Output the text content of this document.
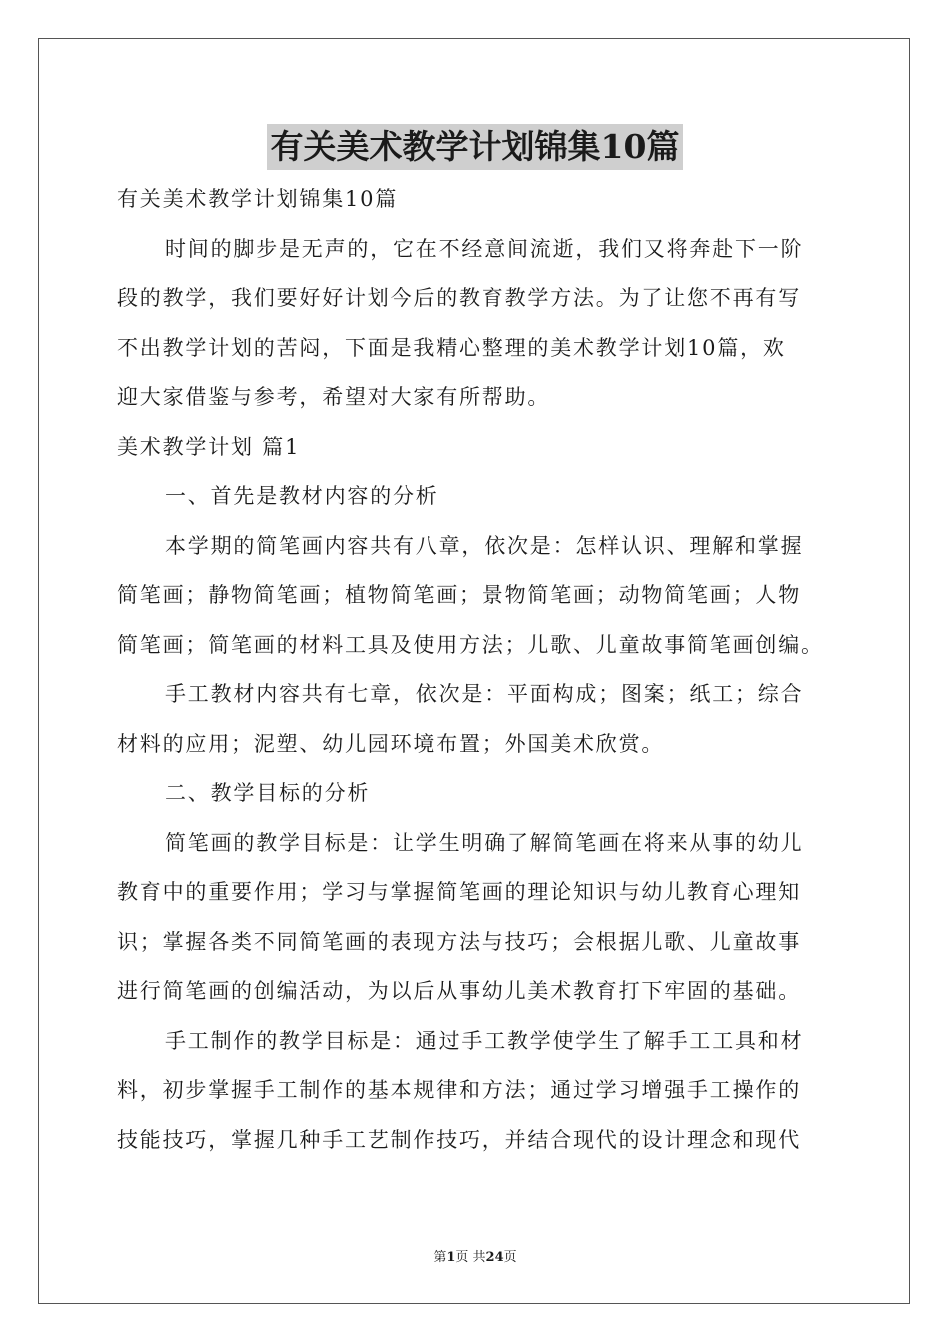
有关美术教学计划锦集10篇
有关美术教学计划锦集10篇
时间的脚步是无声的，它在不经意间流逝，我们又将奔赴下一阶
段的教学，我们要好好计划今后的教育教学方法。为了让您不再有写
不出教学计划的苦闷，下面是我精心整理的美术教学计划10篇，欢
迎大家借鉴与参考，希望对大家有所帮助。
美术教学计划 篇1
一、首先是教材内容的分析
本学期的简笔画内容共有八章，依次是：怎样认识、理解和掌握
简笔画；静物简笔画；植物简笔画；景物简笔画；动物简笔画；人物
简笔画；简笔画的材料工具及使用方法；儿歌、儿童故事简笔画创编。
手工教材内容共有七章，依次是：平面构成；图案；纸工；综合
材料的应用；泥塑、幼儿园环境布置；外国美术欣赏。
二、教学目标的分析
简笔画的教学目标是：让学生明确了解简笔画在将来从事的幼儿
教育中的重要作用；学习与掌握简笔画的理论知识与幼儿教育心理知
识；掌握各类不同简笔画的表现方法与技巧；会根据儿歌、儿童故事
进行简笔画的创编活动，为以后从事幼儿美术教育打下牢固的基础。
手工制作的教学目标是：通过手工教学使学生了解手工工具和材
料，初步掌握手工制作的基本规律和方法；通过学习增强手工操作的
技能技巧，掌握几种手工艺制作技巧，并结合现代的设计理念和现代
第1页 共24页
